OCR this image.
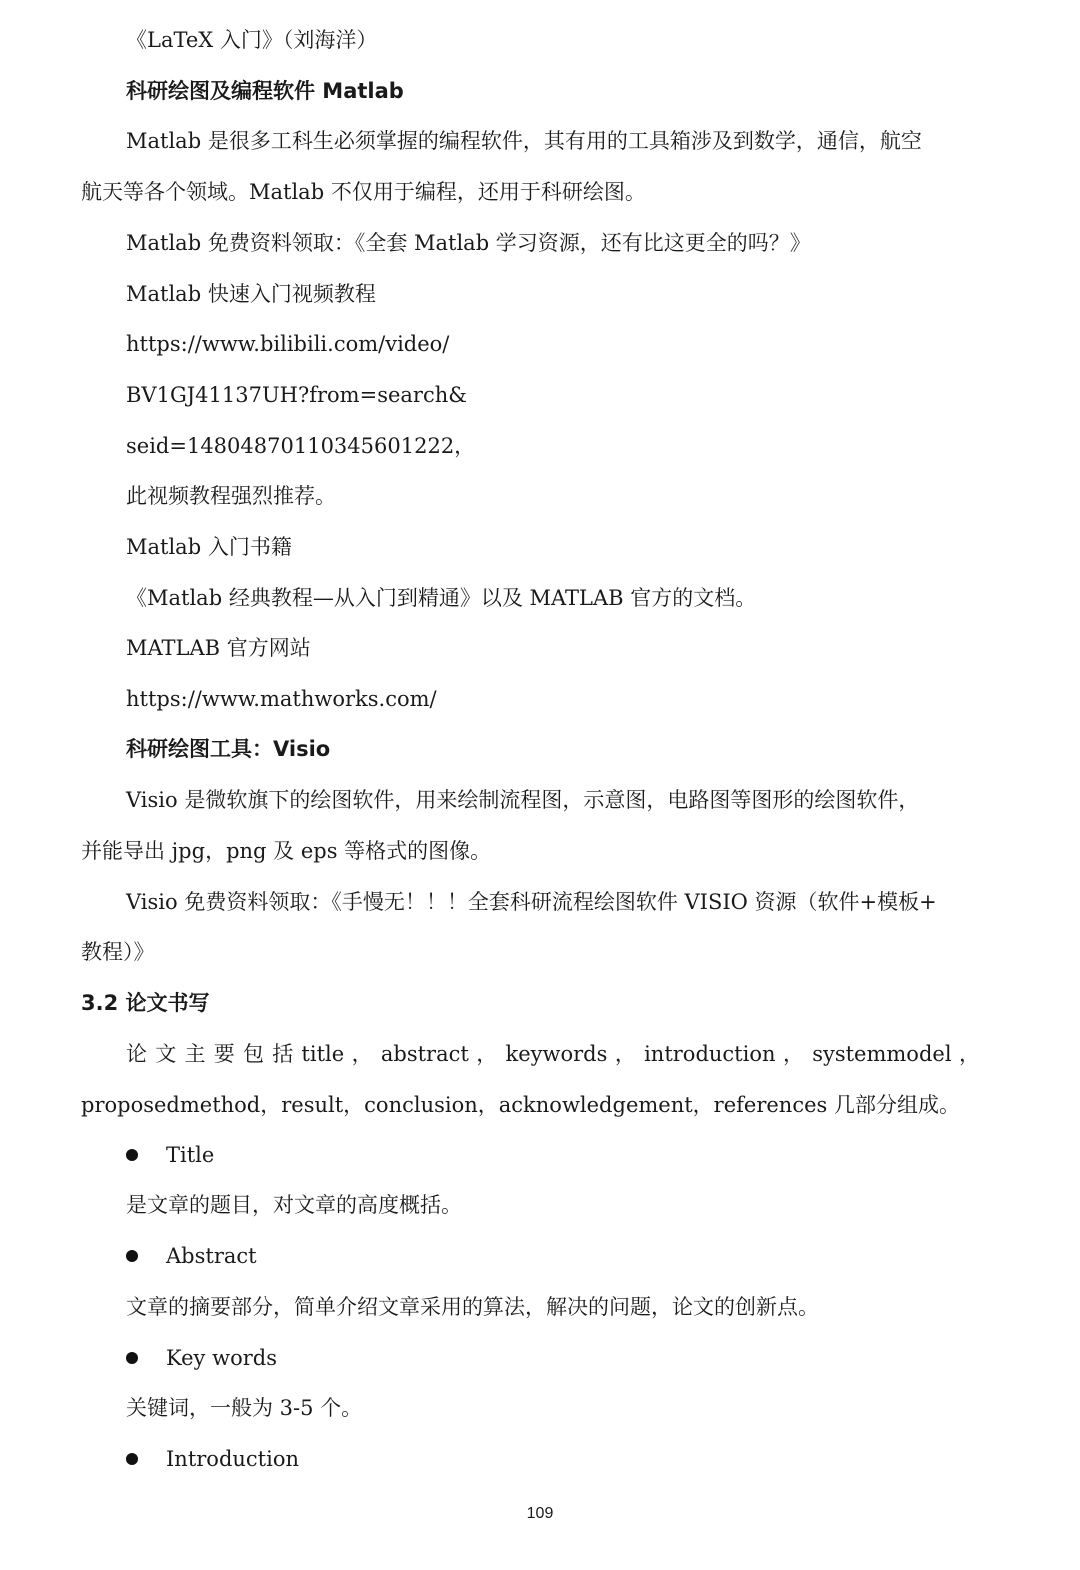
《LaTeX 入门》（刘海洋）
科研绘图及编程软件 Matlab
Matlab 是很多工科生必须掌握的编程软件，其有用的工具箱涉及到数学，通信，航空
航天等各个领域。Matlab 不仅用于编程，还用于科研绘图。
Matlab 免费资料领取：《全套 Matlab 学习资源，还有比这更全的吗？》
Matlab 快速入门视频教程
https://www.bilibili.com/video/
BV1GJ41137UH?from=search&
seid=14804870110345601222，
此视频教程强烈推荐。
Matlab 入门书籍
《Matlab 经典教程—从入门到精通》以及 MATLAB 官方的文档。
MATLAB 官方网站
https://www.mathworks.com/
科研绘图工具：Visio
Visio 是微软旗下的绘图软件，用来绘制流程图，示意图，电路图等图形的绘图软件，
并能导出 jpg，png 及 eps 等格式的图像。
Visio 免费资料领取：《手慢无！！！全套科研流程绘图软件 VISIO 资源（软件+模板+
教程）》
3.2 论文书写
论 文 主 要 包 括 title ， abstract ， keywords ， introduction ， systemmodel ，
proposedmethod，result，conclusion，acknowledgement，references 几部分组成。
Title
是文章的题目，对文章的高度概括。
Abstract
文章的摘要部分，简单介绍文章采用的算法，解决的问题，论文的创新点。
Key words
关键词，一般为 3-5 个。
Introduction
109
